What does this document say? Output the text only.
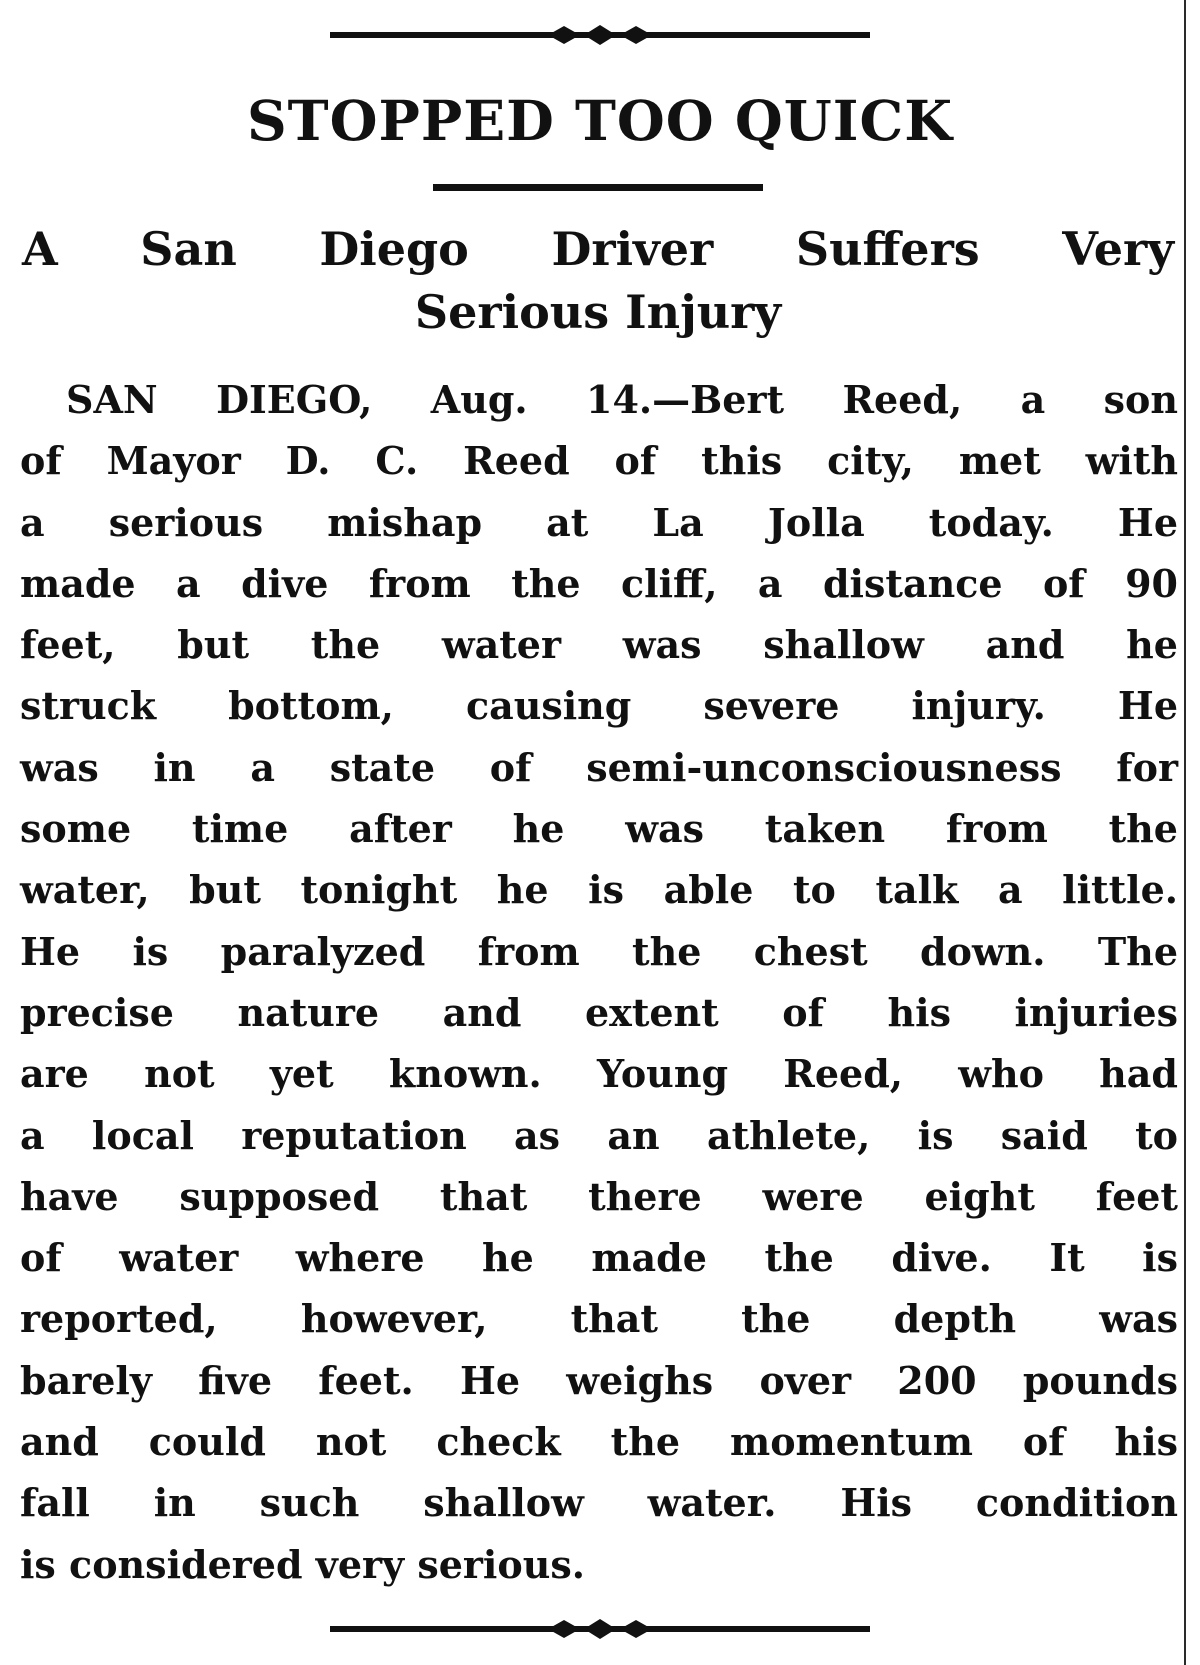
STOPPED TOO QUICK
A San Diego Driver Suffers Very
Serious Injury
SAN DIEGO, Aug. 14.—Bert Reed, a son
of Mayor D. C. Reed of this city, met with
a serious mishap at La Jolla today. He
made a dive from the cliff, a distance of 90
feet, but the water was shallow and he
struck bottom, causing severe injury. He
was in a state of semi-unconsciousness for
some time after he was taken from the
water, but tonight he is able to talk a little.
He is paralyzed from the chest down. The
precise nature and extent of his injuries
are not yet known. Young Reed, who had
a local reputation as an athlete, is said to
have supposed that there were eight feet
of water where he made the dive. It is
reported, however, that the depth was
barely five feet. He weighs over 200 pounds
and could not check the momentum of his
fall in such shallow water. His condition
is considered very serious.
